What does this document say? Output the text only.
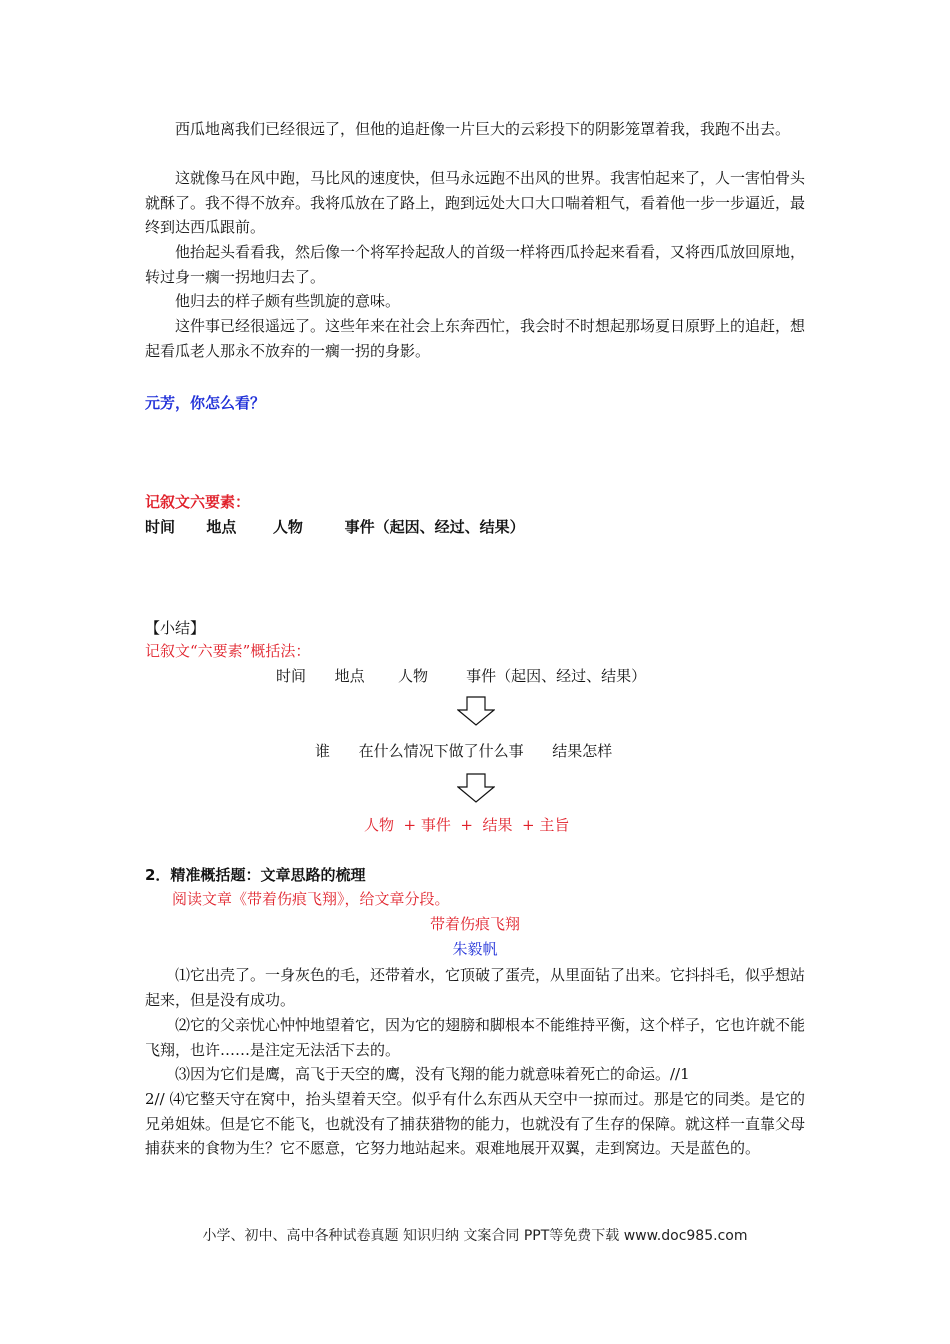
西瓜地离我们已经很远了，但他的追赶像一片巨大的云彩投下的阴影笼罩着我，我跑不出去。

这就像马在风中跑，马比风的速度快，但马永远跑不出风的世界。我害怕起来了，人一害怕骨头就酥了。我不得不放弃。我将瓜放在了路上，跑到远处大口大口喘着粗气，看着他一步一步逼近，最终到达西瓜跟前。

他抬起头看看我，然后像一个将军拎起敌人的首级一样将西瓜拎起来看看，又将西瓜放回原地，转过身一瘸一拐地归去了。

他归去的样子颇有些凯旋的意味。

这件事已经很遥远了。这些年来在社会上东奔西忙，我会时不时想起那场夏日原野上的追赶，想起看瓜老人那永不放弃的一瘸一拐的身影。

元芳，你怎么看？

记叙文六要素：

时间      地点       人物        事件（起因、经过、结果）

【小结】

记叙文“六要素”概括法：

时间      地点       人物        事件（起因、经过、结果）

谁      在什么情况下做了什么事      结果怎样

人物  + 事件  +  结果  + 主旨

2．精准概括题：文章思路的梳理

阅读文章《带着伤痕飞翔》，给文章分段。

带着伤痕飞翔

朱毅帆

⑴它出壳了。一身灰色的毛，还带着水，它顶破了蛋壳，从里面钻了出来。它抖抖毛，似乎想站起来，但是没有成功。

⑵它的父亲忧心忡忡地望着它，因为它的翅膀和脚根本不能维持平衡，这个样子，它也许就不能飞翔，也许……是注定无法活下去的。

⑶因为它们是鹰，高飞于天空的鹰，没有飞翔的能力就意味着死亡的命运。//1

2// ⑷它整天守在窝中，抬头望着天空。似乎有什么东西从天空中一掠而过。那是它的同类。是它的兄弟姐妹。但是它不能飞，也就没有了捕获猎物的能力，也就没有了生存的保障。就这样一直靠父母捕获来的食物为生？它不愿意，它努力地站起来。艰难地展开双翼，走到窝边。天是蓝色的。

小学、初中、高中各种试卷真题 知识归纳 文案合同 PPT等免费下载 www.doc985.com
